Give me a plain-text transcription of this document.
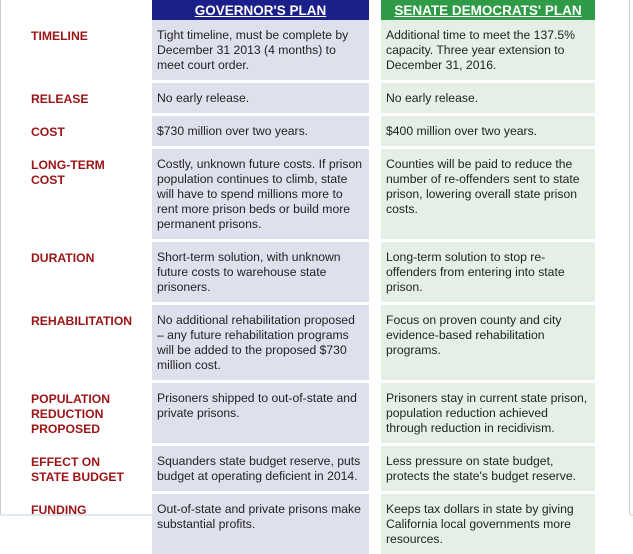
	GOVERNOR'S PLAN		SENATE DEMOCRATS' PLAN	

TIMELINE	Tight timeline, must be complete by December 31 2013 (4 months) to meet court order.		Additional time to meet the 137.5% capacity. Three year extension to December 31, 2016.	

RELEASE	No early release.		No early release.	

COST	$730 million over two years.		$400 million over two years.	

LONG-TERM
COST	Costly, unknown future costs. If prison population continues to climb, state will have to spend millions more to rent more prison beds or build more permanent prisons.		Counties will be paid to reduce the number of re-offenders sent to state prison, lowering overall state prison costs.	

DURATION	Short-term solution, with unknown future costs to warehouse state prisoners.		Long-term solution to stop re-offenders from entering into state prison.	

REHABILITATION	No additional rehabilitation proposed – any future rehabilitation programs will be added to the proposed $730 million cost.		Focus on proven county and city evidence-based rehabilitation programs.	

POPULATION
REDUCTION
PROPOSED	Prisoners shipped to out-of-state and private prisons.		Prisoners stay in current state prison, population reduction achieved through reduction in recidivism.	

EFFECT ON
STATE BUDGET	Squanders state budget reserve, puts budget at operating deficient in 2014.		Less pressure on state budget, protects the state's budget reserve.	

FUNDING	Out-of-state and private prisons make substantial profits.		Keeps tax dollars in state by giving California local governments more resources.	
